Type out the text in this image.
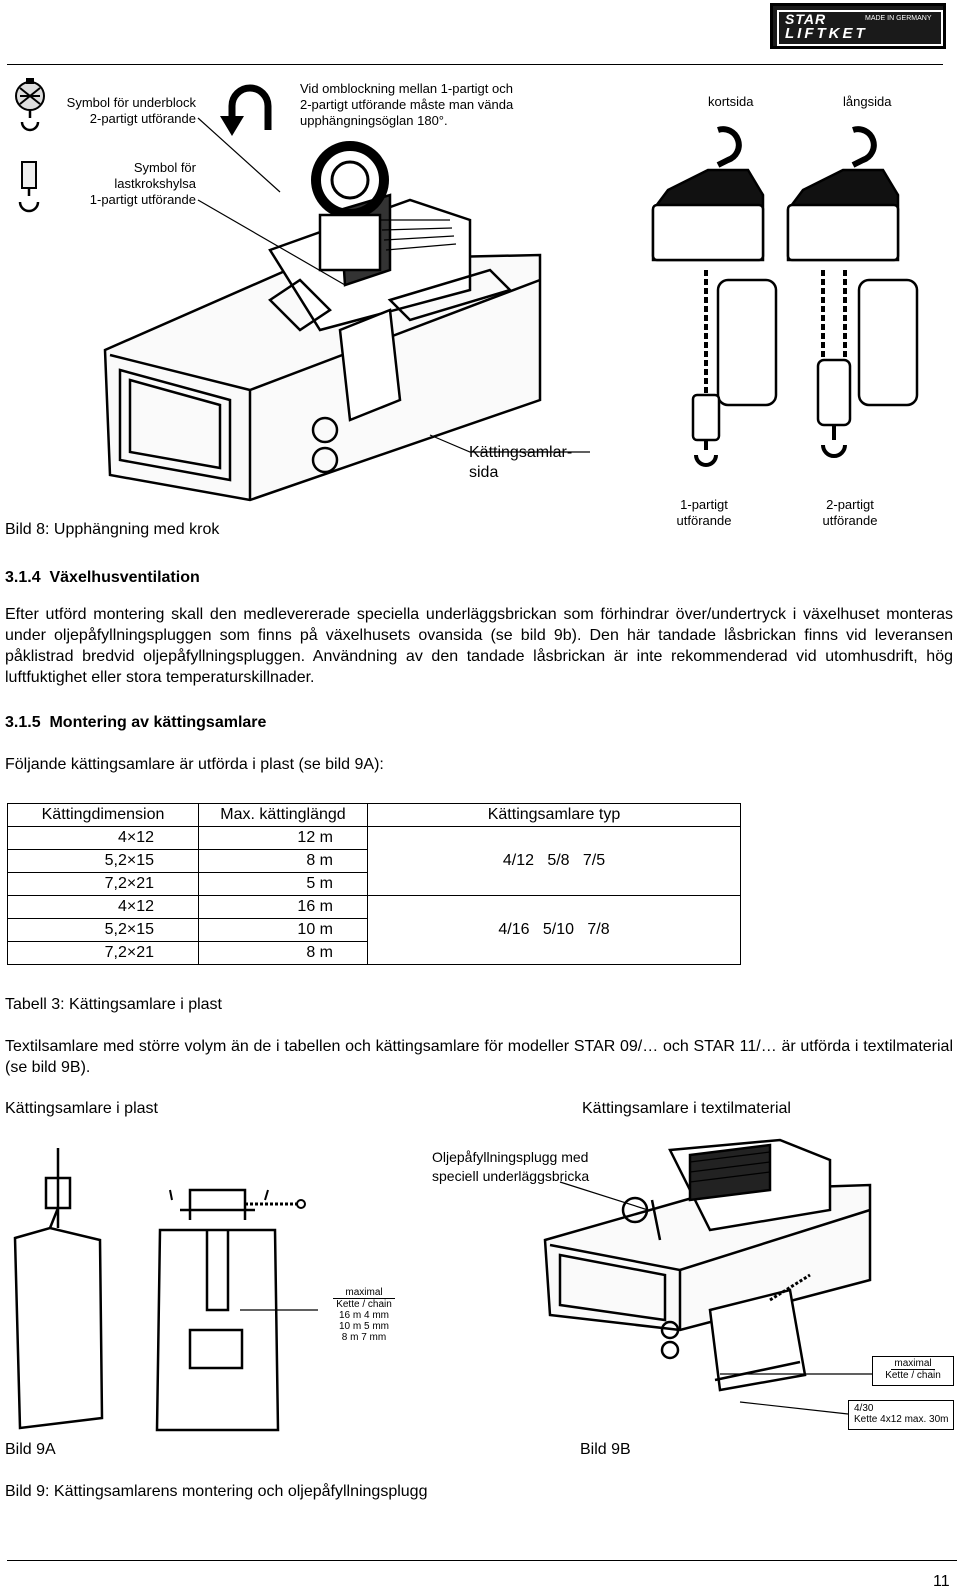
STAR	MADE IN GERMANY
LIFTKET
Symbol för underblock
2-partigt utförande
Vid omblockning mellan 1-partigt och
2-partigt utförande måste man vända
upphängningsöglan 180°.
Symbol för
lastkrokshylsa
1-partigt utförande
Kättingsamlar-
sida
kortsida	långsida
1-partigt
utförande
2-partigt
utförande
Bild 8: Upphängning med krok
3.1.4  Växelhusventilation
Efter utförd montering skall den medlevererade speciella underläggsbrickan som förhindrar över/undertryck i växelhuset monteras under oljepåfyllningspluggen som finns på växelhusets ovansida (se bild 9b). Den här tandade låsbrickan finns vid leveransen påklistrad bredvid oljepåfyllningspluggen. Användning av den tandade låsbrickan är inte rekommenderad vid utomhusdrift, hög luftfuktighet eller stora temperaturskillnader.
3.1.5  Montering av kättingsamlare
Följande kättingsamlare är utförda i plast (se bild 9A):
Kättingdimension	Max. kättinglängd	Kättingsamlare typ
4×12	12 m	4/12   5/8   7/5
5,2×15	8 m	
7,2×21	5 m	
4×12	16 m	4/16   5/10   7/8
5,2×15	10 m	
7,2×21	8 m	
Tabell 3: Kättingsamlare i plast
Textilsamlare med större volym än de i tabellen och kättingsamlare för modeller STAR 09/… och STAR 11/… är utförda i textilmaterial (se bild 9B).
Kättingsamlare i plast	Kättingsamlare i textilmaterial
maximal
Kette / chain
16 m 4 mm
10 m 5 mm
8 m 7 mm
Oljepåfyllningsplugg med
speciell underläggsbricka
maximal
Kette / chain
4/30
Kette 4x12 max. 30m
Bild 9A	Bild 9B
Bild 9: Kättingsamlarens montering och oljepåfyllningsplugg
11
